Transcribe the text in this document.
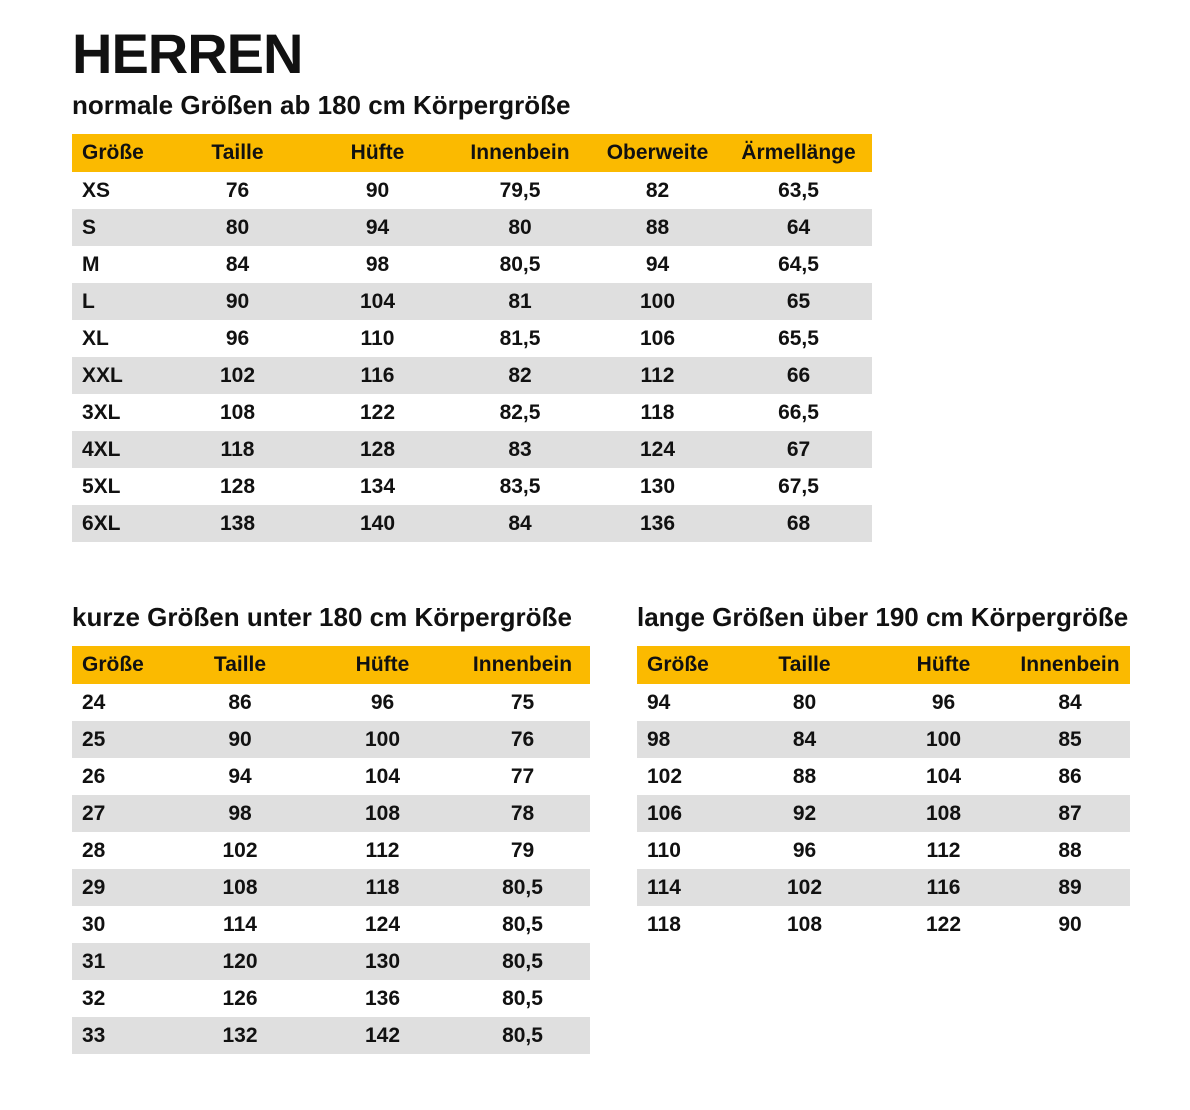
HERREN
normale Größen ab 180 cm Körpergröße
Größe	Taille	Hüfte	Innenbein	Oberweite	Ärmellänge
XS	76	90	79,5	82	63,5
S	80	94	80	88	64
M	84	98	80,5	94	64,5
L	90	104	81	100	65
XL	96	110	81,5	106	65,5
XXL	102	116	82	112	66
3XL	108	122	82,5	118	66,5
4XL	118	128	83	124	67
5XL	128	134	83,5	130	67,5
6XL	138	140	84	136	68
kurze Größen unter 180 cm Körpergröße
Größe	Taille	Hüfte	Innenbein
24	86	96	75
25	90	100	76
26	94	104	77
27	98	108	78
28	102	112	79
29	108	118	80,5
30	114	124	80,5
31	120	130	80,5
32	126	136	80,5
33	132	142	80,5
lange Größen über 190 cm Körpergröße
Größe	Taille	Hüfte	Innenbein
94	80	96	84
98	84	100	85
102	88	104	86
106	92	108	87
110	96	112	88
114	102	116	89
118	108	122	90
